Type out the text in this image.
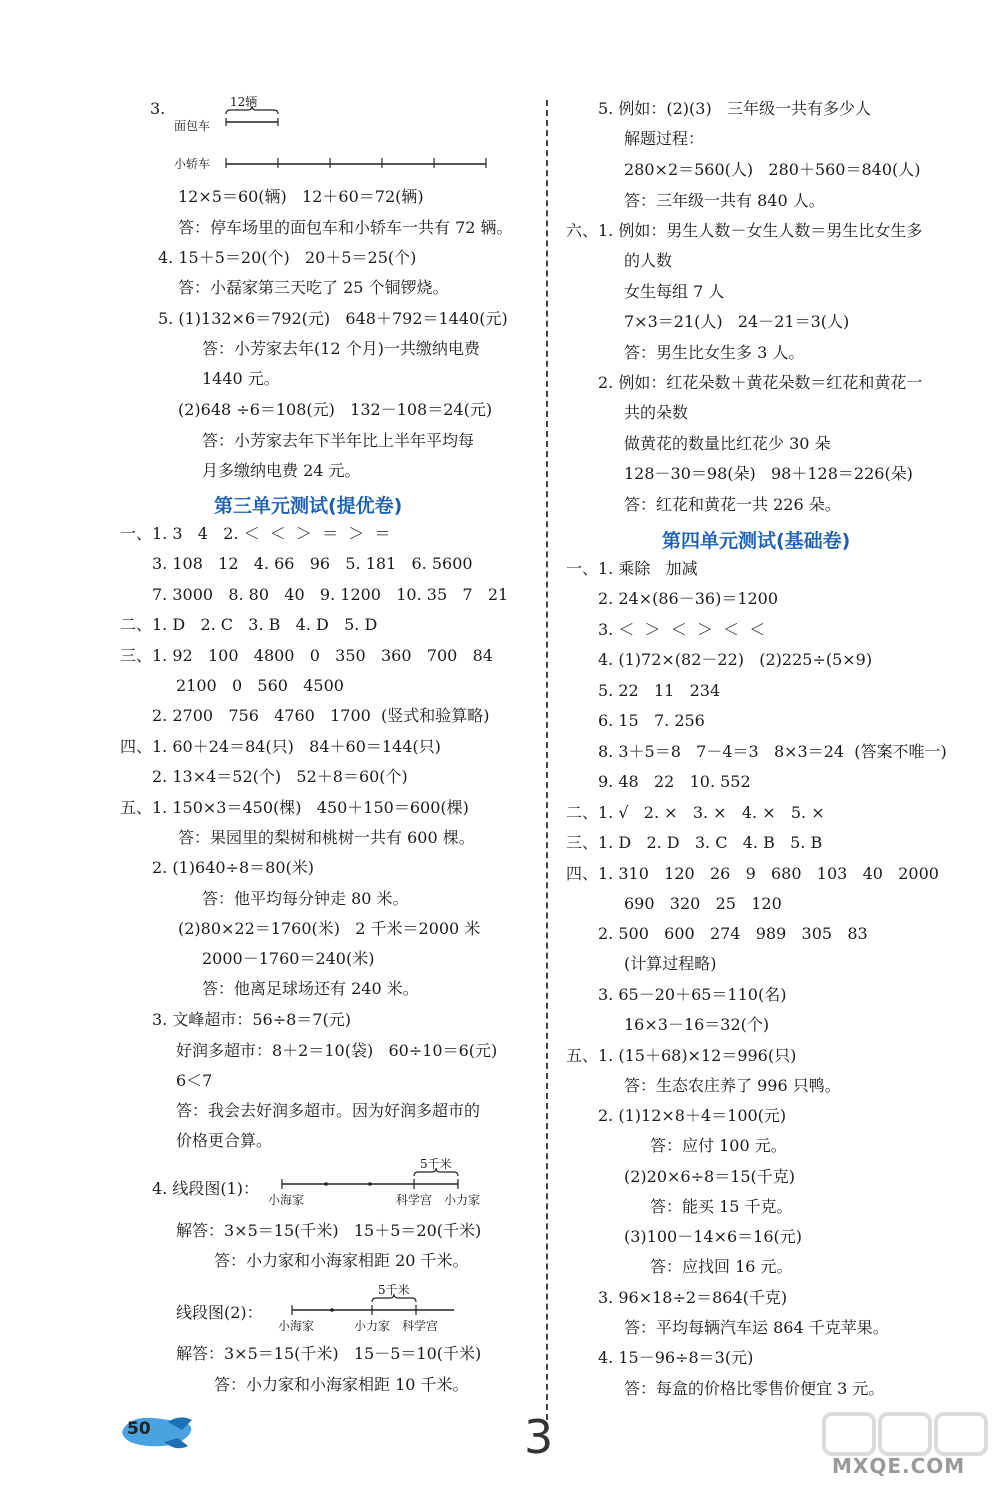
3.	12辆
面包车
小轿车
12×5＝60(辆)   12＋60＝72(辆)
答：停车场里的面包车和小轿车一共有 72 辆。
4. 15＋5＝20(个)   20＋5＝25(个)
答：小磊家第三天吃了 25 个铜锣烧。
5. (1)132×6＝792(元)   648＋792＝1440(元)
答：小芳家去年(12 个月)一共缴纳电费
1440 元。
(2)648 ÷6＝108(元)   132－108＝24(元)
答：小芳家去年下半年比上半年平均每
月多缴纳电费 24 元。
第三单元测试(提优卷)
一、1. 3   4   2. ＜  ＜  ＞  ＝  ＞  ＝
3. 108   12   4. 66   96   5. 181   6. 5600
7. 3000   8. 80   40   9. 1200   10. 35   7   21
二、1. D   2. C   3. B   4. D   5. D
三、1. 92   100   4800   0   350   360   700   84
2100   0   560   4500
2. 2700   756   4760   1700  (竖式和验算略)
四、1. 60＋24＝84(只)   84＋60＝144(只)
2. 13×4＝52(个)   52＋8＝60(个)
五、1. 150×3＝450(棵)   450＋150＝600(棵)
答：果园里的梨树和桃树一共有 600 棵。
2. (1)640÷8＝80(米)
答：他平均每分钟走 80 米。
(2)80×22＝1760(米)   2 千米＝2000 米
2000－1760＝240(米)
答：他离足球场还有 240 米。
3. 文峰超市：56÷8＝7(元)
好润多超市：8＋2＝10(袋)   60÷10＝6(元)
6＜7
答：我会去好润多超市。因为好润多超市的
价格更合算。
4. 线段图(1)：
5千米
小海家	科学宫 小力家
解答：3×5＝15(千米)   15＋5＝20(千米)
答：小力家和小海家相距 20 千米。
线段图(2)：
5千米
小海家	小力家 科学宫
解答：3×5＝15(千米)   15－5＝10(千米)
答：小力家和小海家相距 10 千米。
5. 例如：(2)(3)   三年级一共有多少人
解题过程：
280×2＝560(人)   280＋560＝840(人)
答：三年级一共有 840 人。
六、1. 例如：男生人数－女生人数＝男生比女生多
的人数
女生每组 7 人
7×3＝21(人)   24－21＝3(人)
答：男生比女生多 3 人。
2. 例如：红花朵数＋黄花朵数＝红花和黄花一
共的朵数
做黄花的数量比红花少 30 朵
128－30＝98(朵)   98＋128＝226(朵)
答：红花和黄花一共 226 朵。
第四单元测试(基础卷)
一、1. 乘除   加减
2. 24×(86－36)＝1200
3. ＜  ＞  ＜  ＞  ＜  ＜
4. (1)72×(82－22)   (2)225÷(5×9)
5. 22   11   234
6. 15   7. 256
8. 3＋5＝8   7－4＝3   8×3＝24  (答案不唯一)
9. 48   22   10. 552
二、1. √   2. ×   3. ×   4. ×   5. ×
三、1. D   2. D   3. C   4. B   5. B
四、1. 310   120   26   9   680   103   40   2000
690   320   25   120
2. 500   600   274   989   305   83
(计算过程略)
3. 65－20＋65＝110(名)
16×3－16＝32(个)
五、1. (15＋68)×12＝996(只)
答：生态农庄养了 996 只鸭。
2. (1)12×8＋4＝100(元)
答：应付 100 元。
(2)20×6÷8＝15(千克)
答：能买 15 千克。
(3)100－14×6＝16(元)
答：应找回 16 元。
3. 96×18÷2＝864(千克)
答：平均每辆汽车运 864 千克苹果。
4. 15－96÷8＝3(元)
答：每盒的价格比零售价便宜 3 元。
50	3
MXQE.COM
